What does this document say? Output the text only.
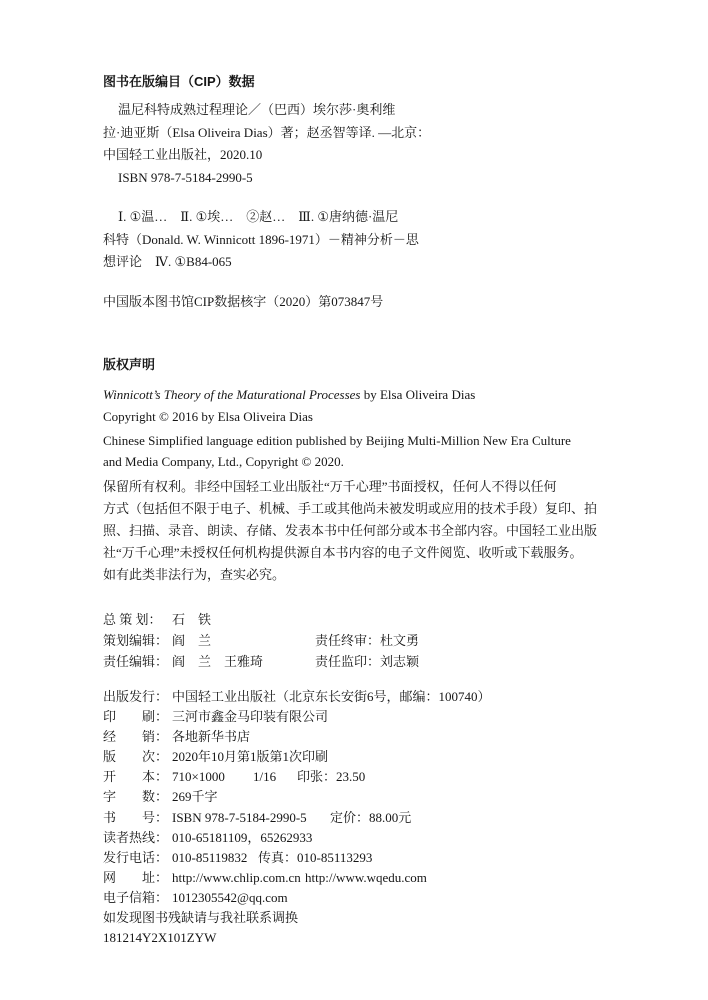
图书在版编目（CIP）数据
温尼科特成熟过程理论／（巴西）埃尔莎·奥利维
拉·迪亚斯（Elsa Oliveira Dias）著；赵丞智等译. —北京：
中国轻工业出版社，2020.10
ISBN 978-7-5184-2990-5
Ⅰ. ①温…　Ⅱ. ①埃…　②赵…　Ⅲ. ①唐纳德·温尼
科特（Donald. W. Winnicott 1896-1971）－精神分析－思
想评论　Ⅳ. ①B84-065
中国版本图书馆CIP数据核字（2020）第073847号
版权声明
Winnicott’s Theory of the Maturational Processes by Elsa Oliveira Dias
Copyright © 2016 by Elsa Oliveira Dias
Chinese Simplified language edition published by Beijing Multi-Million New Era Culture
and Media Company, Ltd., Copyright © 2020.
保留所有权利。非经中国轻工业出版社“万千心理”书面授权，任何人不得以任何
方式（包括但不限于电子、机械、手工或其他尚未被发明或应用的技术手段）复印、拍
照、扫描、录音、朗读、存储、发表本书中任何部分或本书全部内容。中国轻工业出版
社“万千心理”未授权任何机构提供源自本书内容的电子文件阅览、收听或下载服务。
如有此类非法行为，查实必究。
总 策 划： 石　铁
策划编辑： 阎　兰	责任终审：杜文勇
责任编辑： 阎　兰　王雅琦	责任监印：刘志颖
出版发行： 中国轻工业出版社（北京东长安街6号，邮编：100740）
印　　刷： 三河市鑫金马印装有限公司
经　　销： 各地新华书店
版　　次： 2020年10月第1版第1次印刷
开　　本： 710×1000 1/16 印张：23.50
字　　数： 269千字
书　　号： ISBN 978-7-5184-2990-5 定价：88.00元
读者热线： 010-65181109，65262933
发行电话： 010-85119832 传真：010-85113293
网　　址： http://www.chlip.com.cn http://www.wqedu.com
电子信箱： 1012305542@qq.com
如发现图书残缺请与我社联系调换
181214Y2X101ZYW
